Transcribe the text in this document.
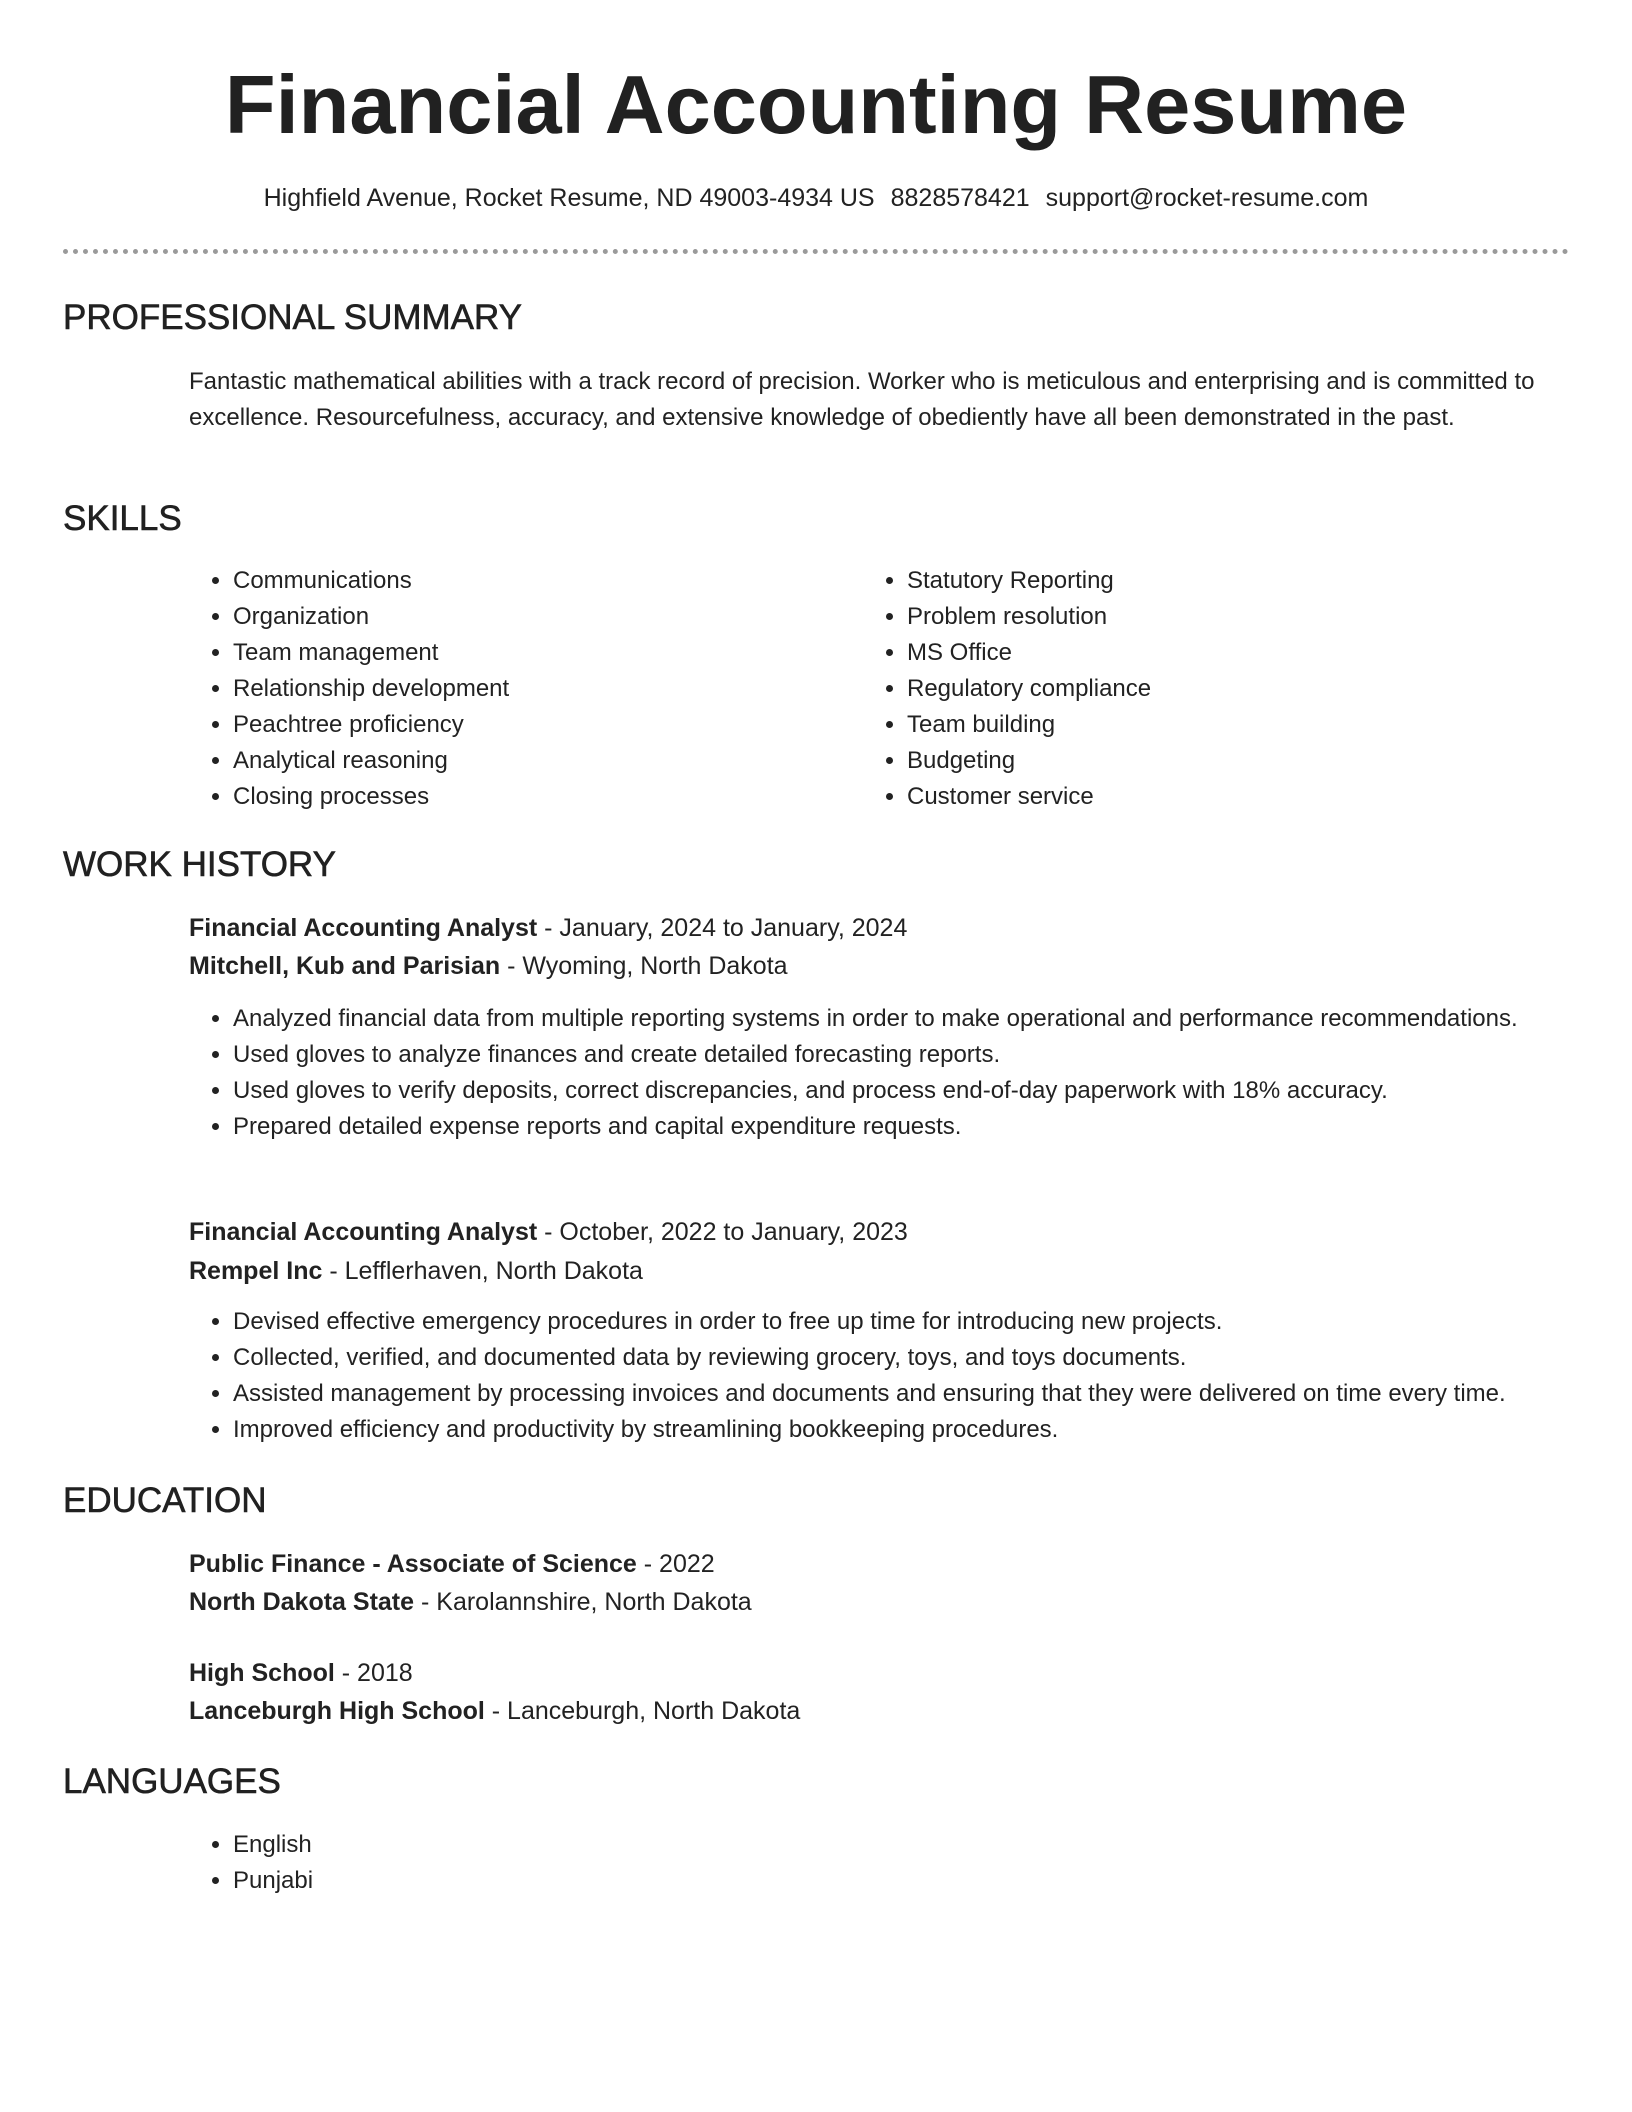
Financial Accounting Resume
Highfield Avenue, Rocket Resume, ND 49003-4934 US 8828578421 support@rocket-resume.com
PROFESSIONAL SUMMARY

Fantastic mathematical abilities with a track record of precision. Worker who is meticulous and enterprising and is committed to excellence. Resourcefulness, accuracy, and extensive knowledge of obediently have all been demonstrated in the past.

SKILLS
• Communications
• Organization
• Team management
• Relationship development
• Peachtree proficiency
• Analytical reasoning
• Closing processes
• Statutory Reporting
• Problem resolution
• MS Office
• Regulatory compliance
• Team building
• Budgeting
• Customer service
WORK HISTORY
Financial Accounting Analyst - January, 2024 to January, 2024
Mitchell, Kub and Parisian - Wyoming, North Dakota
• Analyzed financial data from multiple reporting systems in order to make operational and performance recommendations.
• Used gloves to analyze finances and create detailed forecasting reports.
• Used gloves to verify deposits, correct discrepancies, and process end-of-day paperwork with 18% accuracy.
• Prepared detailed expense reports and capital expenditure requests.
Financial Accounting Analyst - October, 2022 to January, 2023
Rempel Inc - Lefflerhaven, North Dakota
• Devised effective emergency procedures in order to free up time for introducing new projects.
• Collected, verified, and documented data by reviewing grocery, toys, and toys documents.
• Assisted management by processing invoices and documents and ensuring that they were delivered on time every time.
• Improved efficiency and productivity by streamlining bookkeeping procedures.
EDUCATION
Public Finance - Associate of Science - 2022
North Dakota State - Karolannshire, North Dakota
High School - 2018
Lanceburgh High School - Lanceburgh, North Dakota
LANGUAGES
• English
• Punjabi
